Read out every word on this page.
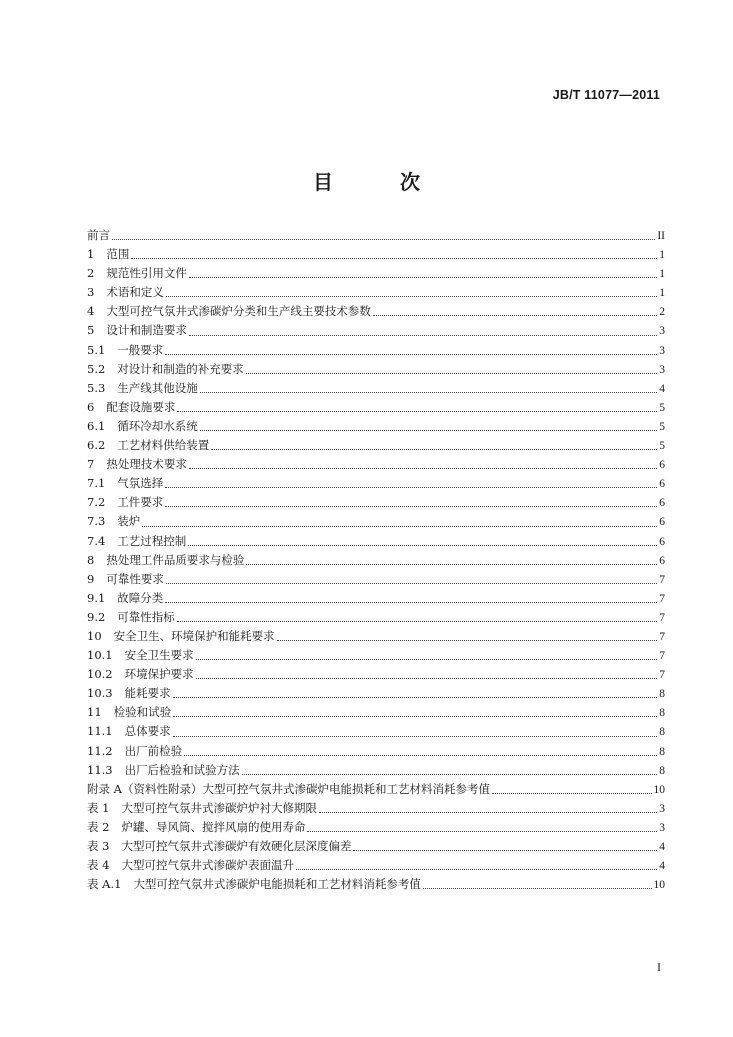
JB/T 11077—2011
目 次
前言	II
1 范围	1
2 规范性引用文件	1
3 术语和定义	1
4 大型可控气氛井式渗碳炉分类和生产线主要技术参数	2
5 设计和制造要求	3
5.1 一般要求	3
5.2 对设计和制造的补充要求	3
5.3 生产线其他设施	4
6 配套设施要求	5
6.1 循环冷却水系统	5
6.2 工艺材料供给装置	5
7 热处理技术要求	6
7.1 气氛选择	6
7.2 工件要求	6
7.3 装炉	6
7.4 工艺过程控制	6
8 热处理工件品质要求与检验	6
9 可靠性要求	7
9.1 故障分类	7
9.2 可靠性指标	7
10 安全卫生、环境保护和能耗要求	7
10.1 安全卫生要求	7
10.2 环境保护要求	7
10.3 能耗要求	8
11 检验和试验	8
11.1 总体要求	8
11.2 出厂前检验	8
11.3 出厂后检验和试验方法	8
附录 A（资料性附录）大型可控气氛井式渗碳炉电能损耗和工艺材料消耗参考值	10
表 1 大型可控气氛井式渗碳炉炉衬大修期限	3
表 2 炉罐、导风筒、搅拌风扇的使用寿命	3
表 3 大型可控气氛井式渗碳炉有效硬化层深度偏差	4
表 4 大型可控气氛井式渗碳炉表面温升	4
表 A.1 大型可控气氛井式渗碳炉电能损耗和工艺材料消耗参考值	10
I
